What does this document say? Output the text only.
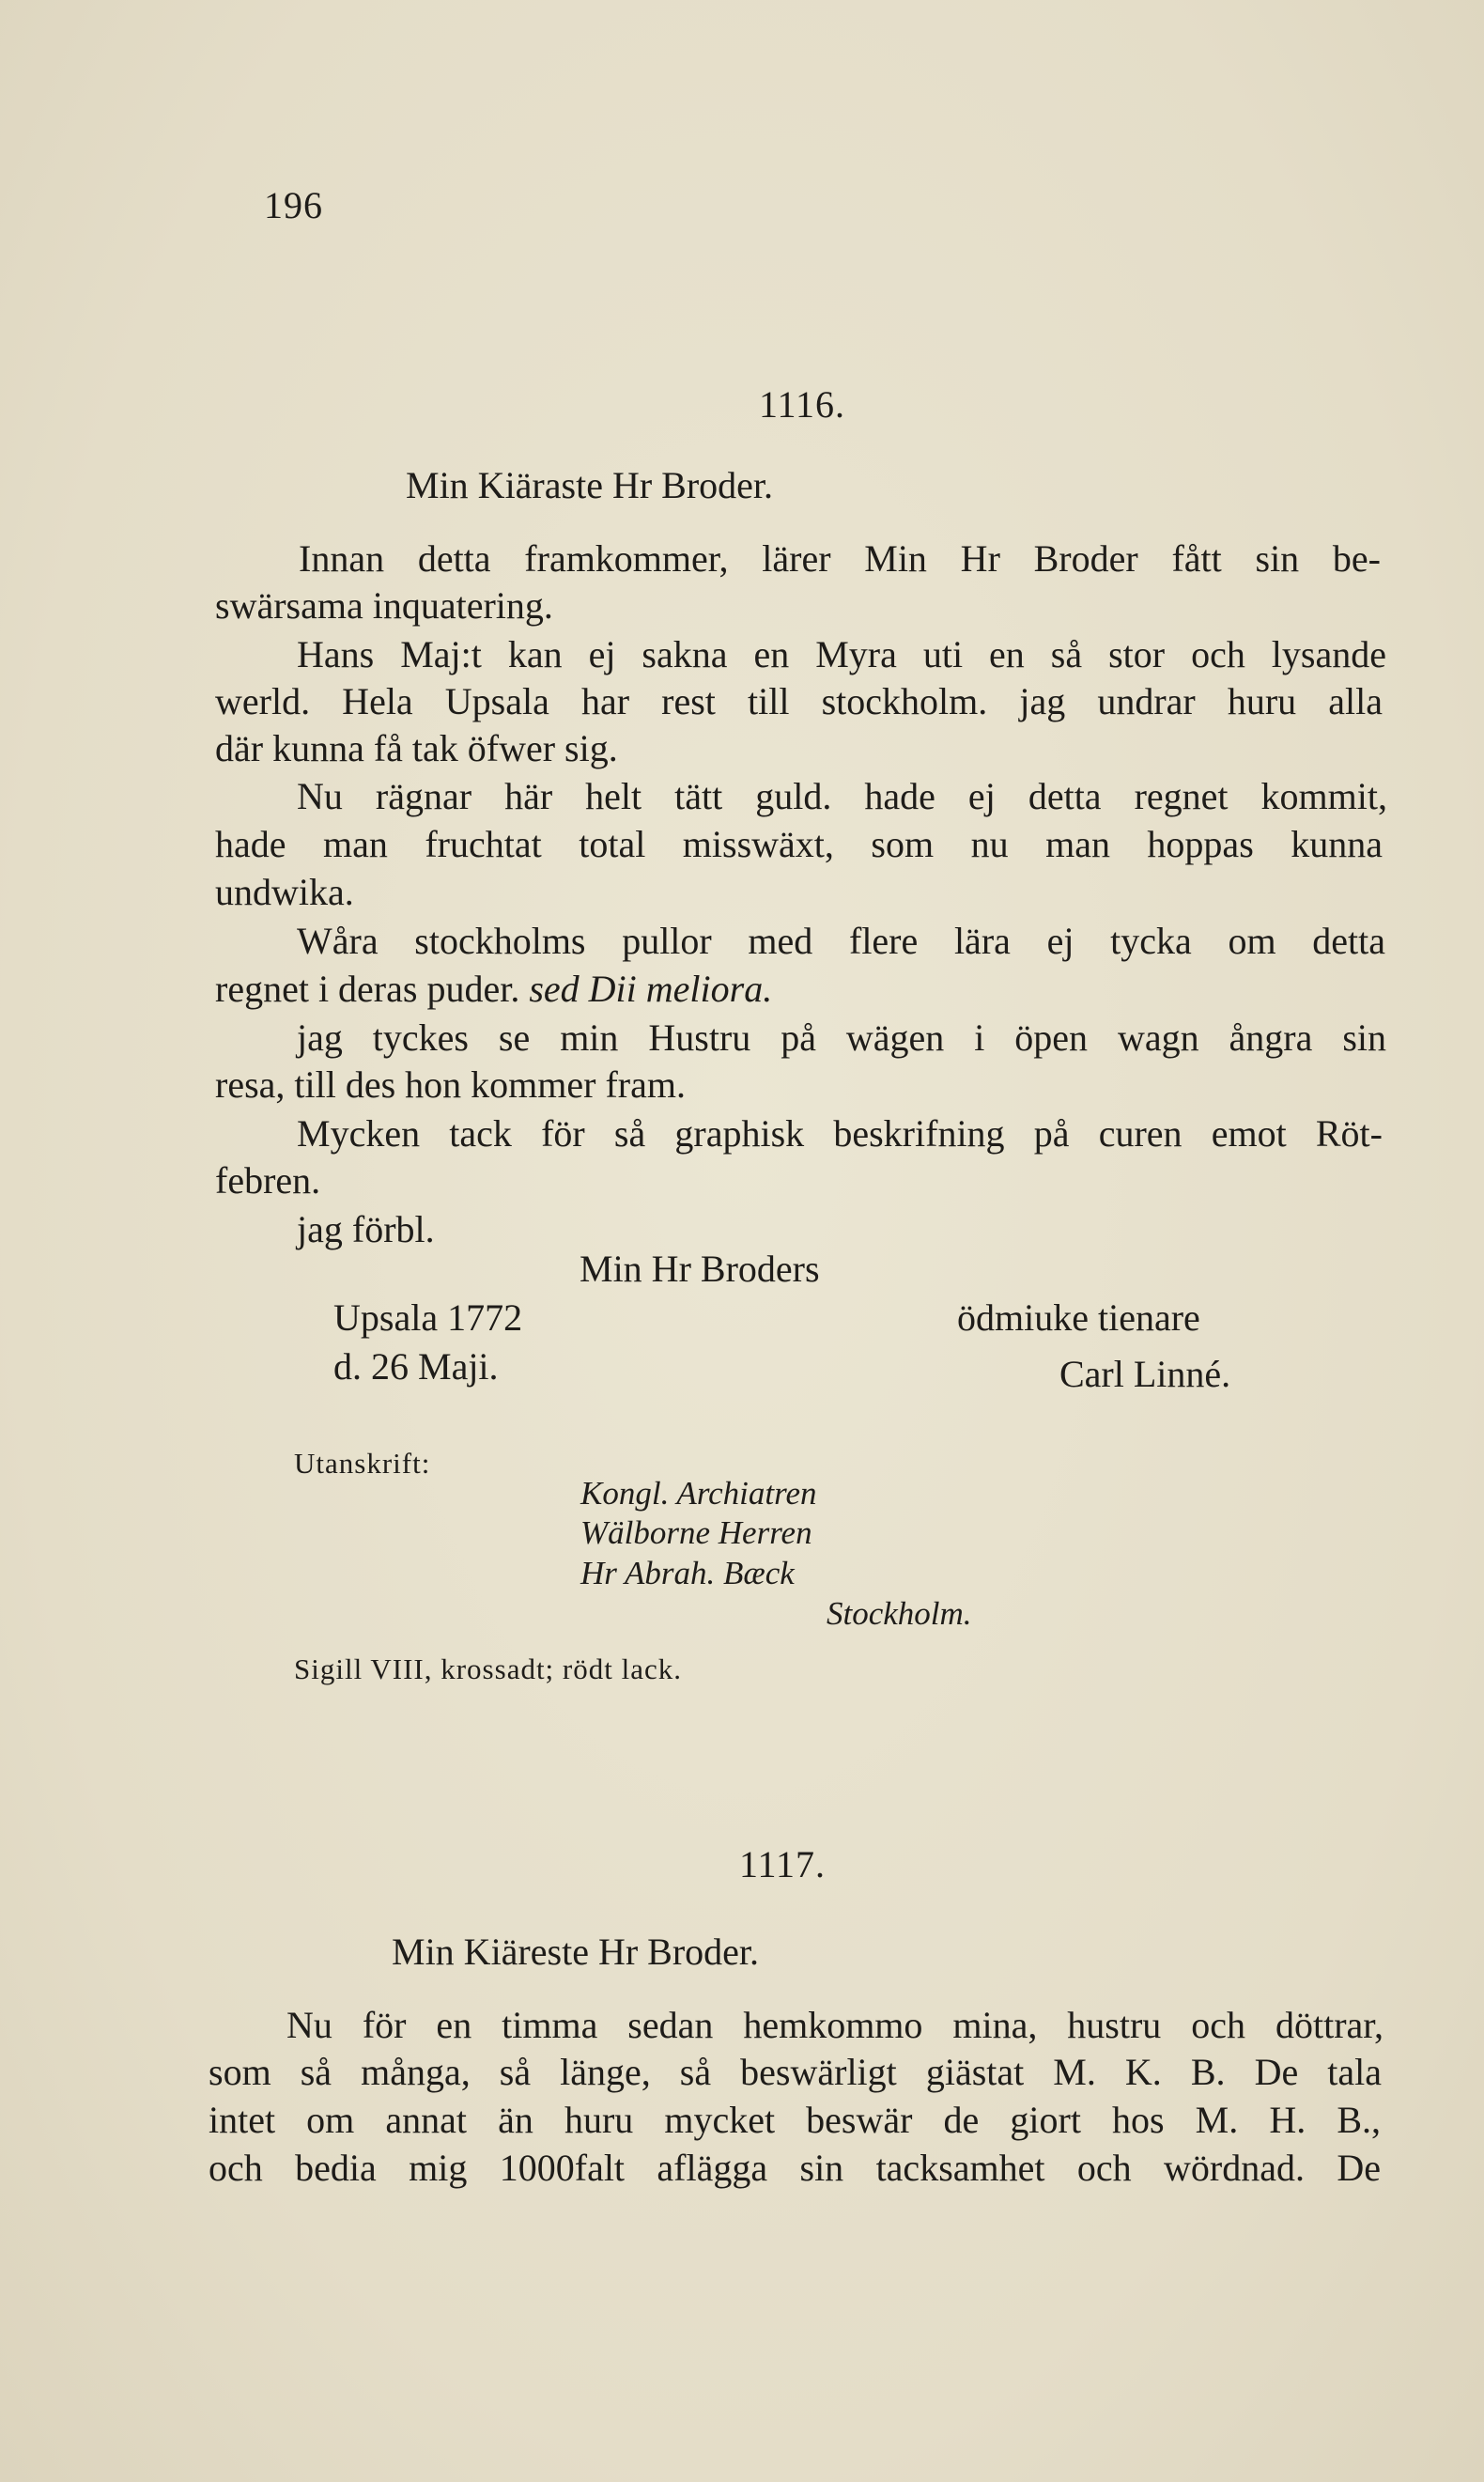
196
1116.
Min Kiäraste Hr Broder.
Innan detta framkommer, lärer Min Hr Broder fått sin be-
swärsama inquatering.
Hans Maj:t kan ej sakna en Myra uti en så stor och lysande
werld. Hela Upsala har rest till stockholm. jag undrar huru alla
där kunna få tak öfwer sig.
Nu rägnar här helt tätt guld. hade ej detta regnet kommit,
hade man fruchtat total misswäxt, som nu man hoppas kunna
undwika.
Wåra stockholms pullor med flere lära ej tycka om detta
regnet i deras puder. sed Dii meliora.
jag tyckes se min Hustru på wägen i öpen wagn ångra sin
resa, till des hon kommer fram.
Mycken tack för så graphisk beskrifning på curen emot Röt-
febren.
jag förbl.
Min Hr Broders
Upsala 1772	ödmiuke tienare
d. 26 Maji.	Carl Linné.
Utanskrift:
Kongl. Archiatren
Wälborne Herren
Hr Abrah. Bæck
Stockholm.
Sigill VIII, krossadt; rödt lack.
1117.
Min Kiäreste Hr Broder.
Nu för en timma sedan hemkommo mina, hustru och döttrar,
som så många, så länge, så beswärligt giästat M. K. B. De tala
intet om annat än huru mycket beswär de giort hos M. H. B.,
och bedia mig 1000falt aflägga sin tacksamhet och wördnad. De
